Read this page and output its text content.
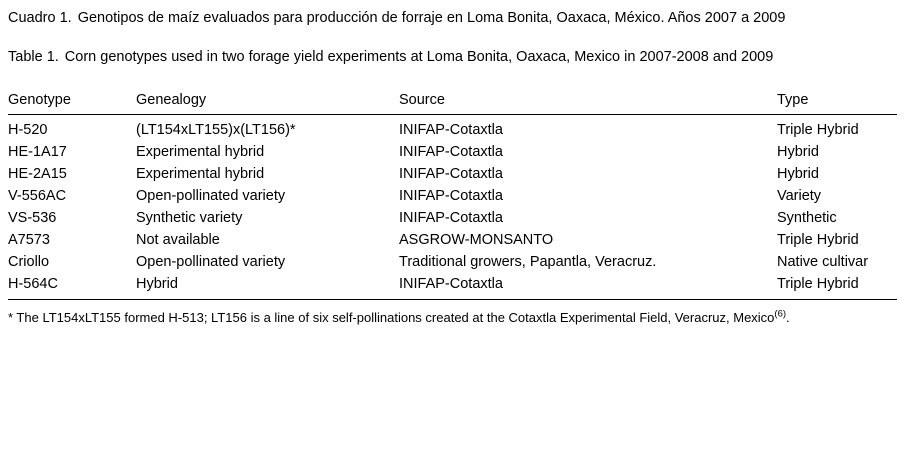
Cuadro 1. Genotipos de maíz evaluados para producción de forraje en Loma Bonita, Oaxaca, México. Años 2007 a 2009
Table 1. Corn genotypes used in two forage yield experiments at Loma Bonita, Oaxaca, Mexico in 2007-2008 and 2009
Genotype	Genealogy	Source	Type
H-520	(LT154xLT155)x(LT156)*	INIFAP-Cotaxtla	Triple Hybrid
HE-1A17	Experimental hybrid	INIFAP-Cotaxtla	Hybrid
HE-2A15	Experimental hybrid	INIFAP-Cotaxtla	Hybrid
V-556AC	Open-pollinated variety	INIFAP-Cotaxtla	Variety
VS-536	Synthetic variety	INIFAP-Cotaxtla	Synthetic
A7573	Not available	ASGROW-MONSANTO	Triple Hybrid
Criollo	Open-pollinated variety	Traditional growers, Papantla, Veracruz.	Native cultivar
H-564C	Hybrid	INIFAP-Cotaxtla	Triple Hybrid
* The LT154xLT155 formed H-513; LT156 is a line of six self-pollinations created at the Cotaxtla Experimental Field, Veracruz, Mexico$^{(6)}$.
